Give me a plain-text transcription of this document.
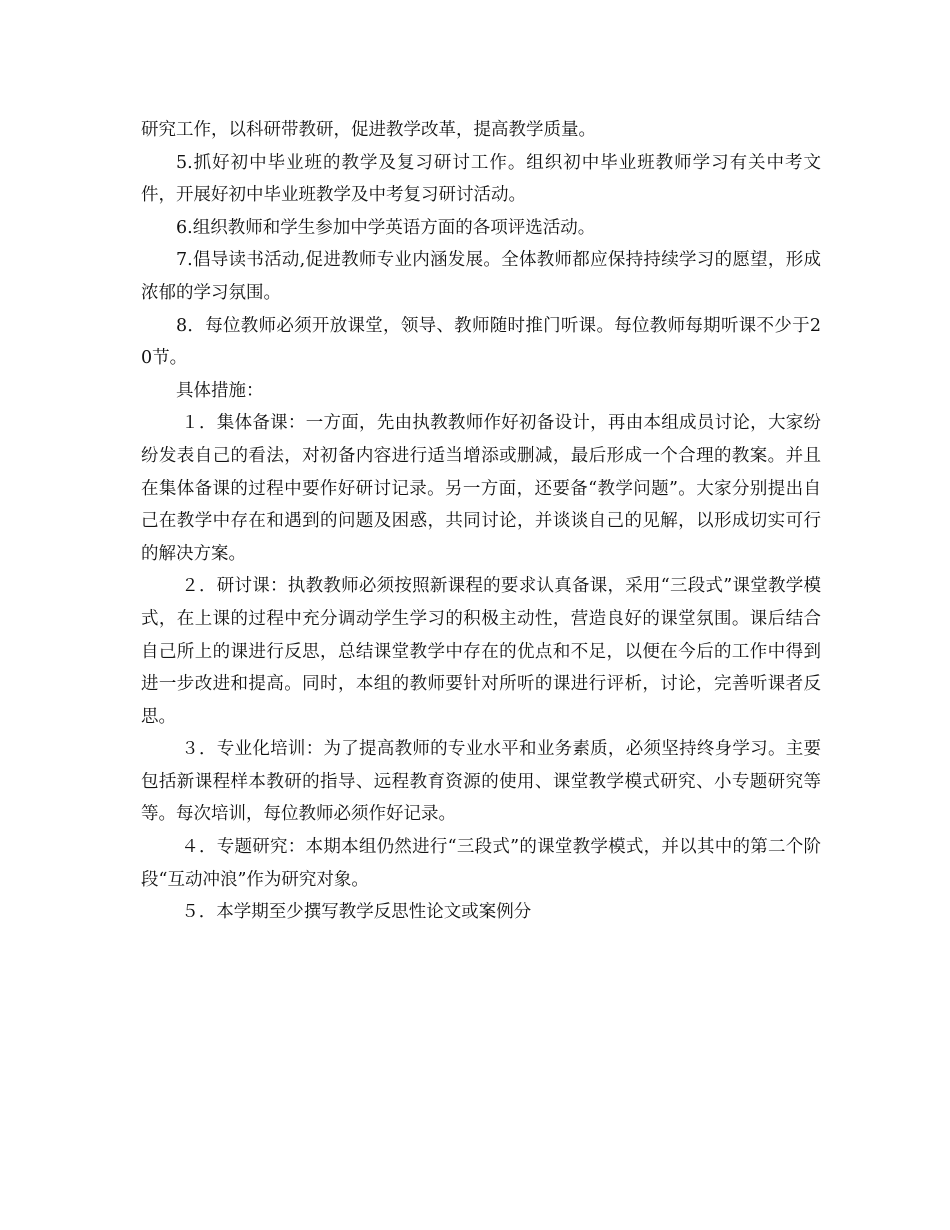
研究工作，以科研带教研，促进教学改革，提高教学质量。

5.抓好初中毕业班的教学及复习研讨工作。组织初中毕业班教师学习有关中考文件，开展好初中毕业班教学及中考复习研讨活动。

6.组织教师和学生参加中学英语方面的各项评选活动。

7.倡导读书活动,促进教师专业内涵发展。全体教师都应保持持续学习的愿望，形成浓郁的学习氛围。

8．每位教师必须开放课堂，领导、教师随时推门听课。每位教师每期听课不少于20节。

具体措施：

１．集体备课：一方面，先由执教教师作好初备设计，再由本组成员讨论，大家纷纷发表自己的看法，对初备内容进行适当增添或删减，最后形成一个合理的教案。并且在集体备课的过程中要作好研讨记录。另一方面，还要备“教学问题”。大家分别提出自己在教学中存在和遇到的问题及困惑，共同讨论，并谈谈自己的见解，以形成切实可行的解决方案。

２．研讨课：执教教师必须按照新课程的要求认真备课，采用“三段式”课堂教学模式，在上课的过程中充分调动学生学习的积极主动性，营造良好的课堂氛围。课后结合自己所上的课进行反思，总结课堂教学中存在的优点和不足，以便在今后的工作中得到进一步改进和提高。同时，本组的教师要针对所听的课进行评析，讨论，完善听课者反思。

３．专业化培训：为了提高教师的专业水平和业务素质，必须坚持终身学习。主要包括新课程样本教研的指导、远程教育资源的使用、课堂教学模式研究、小专题研究等等。每次培训，每位教师必须作好记录。

４．专题研究：本期本组仍然进行“三段式”的课堂教学模式，并以其中的第二个阶段“互动冲浪”作为研究对象。

５．本学期至少撰写教学反思性论文或案例分
